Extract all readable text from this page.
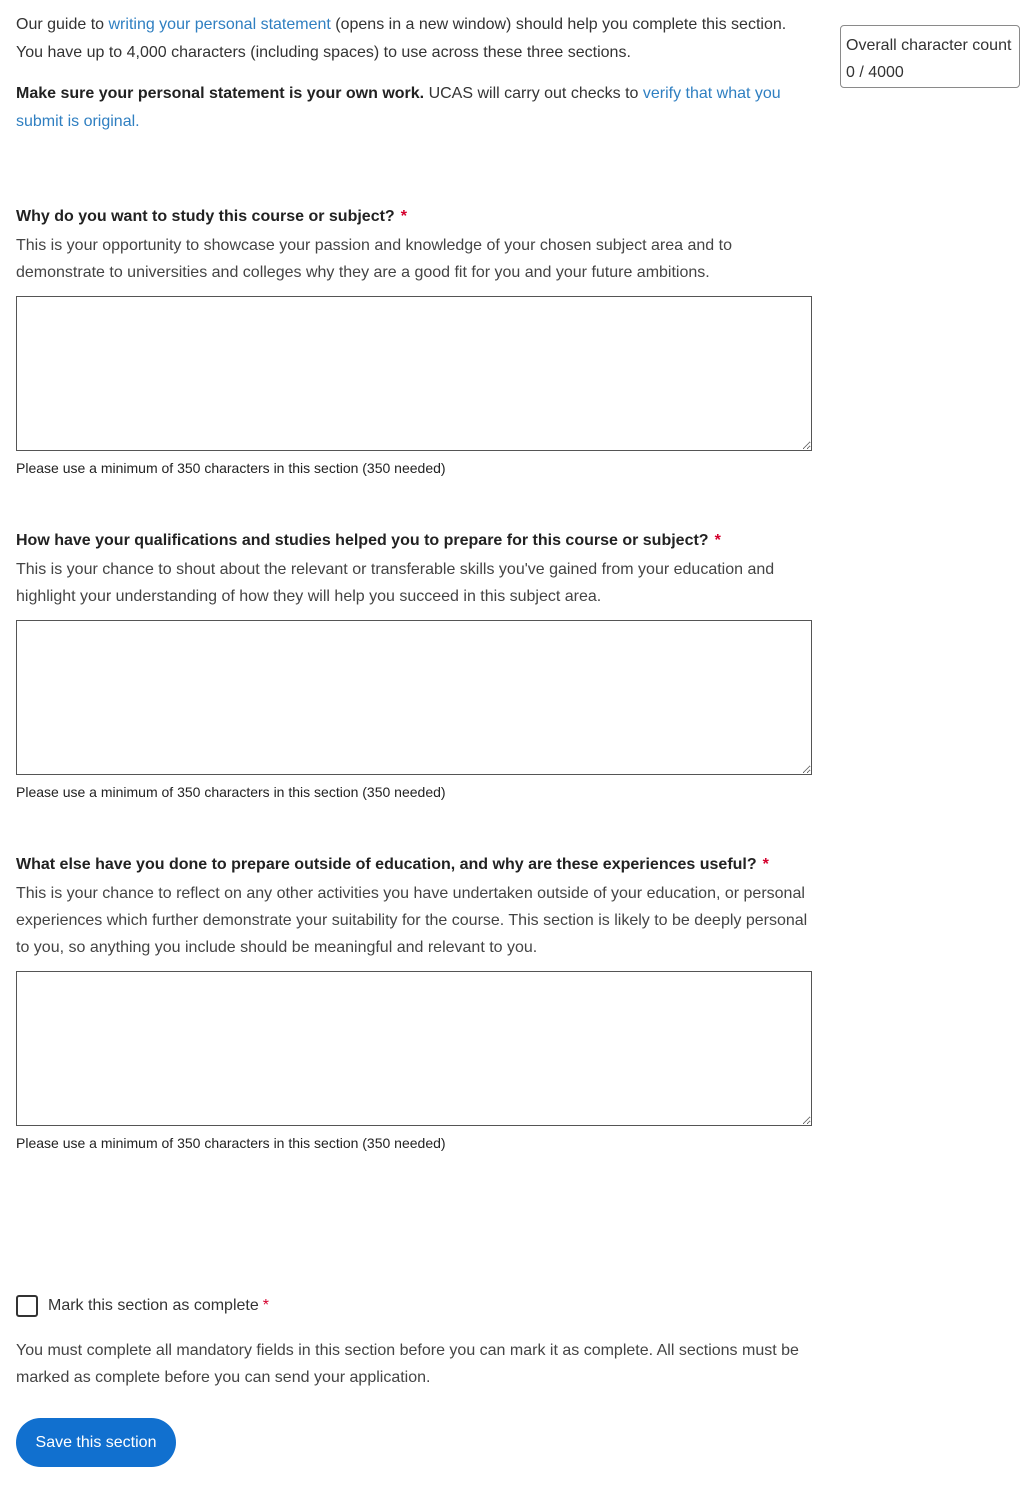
Our guide to writing your personal statement (opens in a new window) should help you complete this section. You have up to 4,000 characters (including spaces) to use across these three sections.

Make sure your personal statement is your own work. UCAS will carry out checks to verify that what you submit is original.

Overall character count
0 / 4000

Why do you want to study this course or subject? *

This is your opportunity to showcase your passion and knowledge of your chosen subject area and to demonstrate to universities and colleges why they are a good fit for you and your future ambitions.

Please use a minimum of 350 characters in this section (350 needed)

How have your qualifications and studies helped you to prepare for this course or subject? *

This is your chance to shout about the relevant or transferable skills you've gained from your education and highlight your understanding of how they will help you succeed in this subject area.

Please use a minimum of 350 characters in this section (350 needed)

What else have you done to prepare outside of education, and why are these experiences useful? *

This is your chance to reflect on any other activities you have undertaken outside of your education, or personal experiences which further demonstrate your suitability for the course. This section is likely to be deeply personal to you, so anything you include should be meaningful and relevant to you.

Please use a minimum of 350 characters in this section (350 needed)
Mark this section as complete *

You must complete all mandatory fields in this section before you can mark it as complete. All sections must be marked as complete before you can send your application.

Save this section
